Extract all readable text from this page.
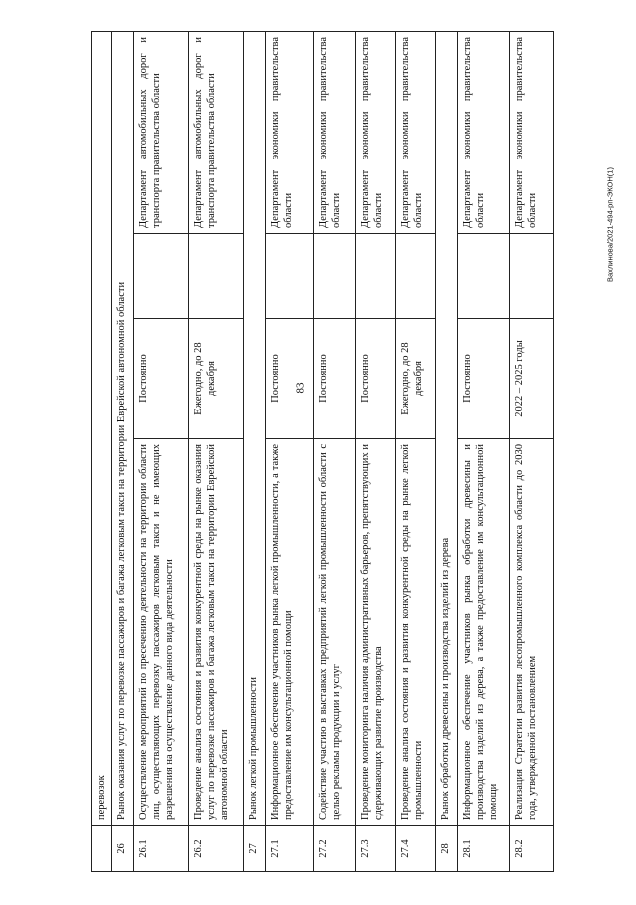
83
Вахлинова/2021-494-рп-ЭКОН(1)
	перевозок			
26	Рынок оказания услуг по перевозке пассажиров и багажа легковым такси на территории Еврейской автономной области			
26.1	Осуществление мероприятий по пресечению деятельности на территории области лиц, осуществляющих перевозку пассажиров легковым такси и не имеющих разрешения на осуществление данного вида деятельности	Постоянно		Департамент автомобильных дорог и транспорта правительства области
26.2	Проведение анализа состояния и развития конкурентной среды на рынке оказания услуг по перевозке пассажиров и багажа легковым такси на территории Еврейской автономной области	Ежегодно, до 28 декабря		Департамент автомобильных дорог и транспорта правительства области
27	Рынок легкой промышленности			
27.1	Информационное обеспечение участников рынка легкой промышленности, а также предоставление им консультационной помощи	Постоянно		Департамент экономики правительства области
27.2	Содействие участию в выставках предприятий легкой промышленности области с целью рекламы продукции и услуг	Постоянно		Департамент экономики правительства области
27.3	Проведение мониторинга наличия административных барьеров, препятствующих и сдерживающих развитие производства	Постоянно		Департамент экономики правительства области
27.4	Проведение анализа состояния и развития конкурентной среды на рынке легкой промышленности	Ежегодно, до 28 декабря		Департамент экономики правительства области
28	Рынок обработки древесины и производства изделий из дерева			
28.1	Информационное обеспечение участников рынка обработки древесины и производства изделий из дерева, а также предоставление им консультационной помощи	Постоянно		Департамент экономики правительства области
28.2	Реализация Стратегии развития лесопромышленного комплекса области до 2030 года, утвержденной постановлением	2022 – 2025 годы		Департамент экономики правительства области
